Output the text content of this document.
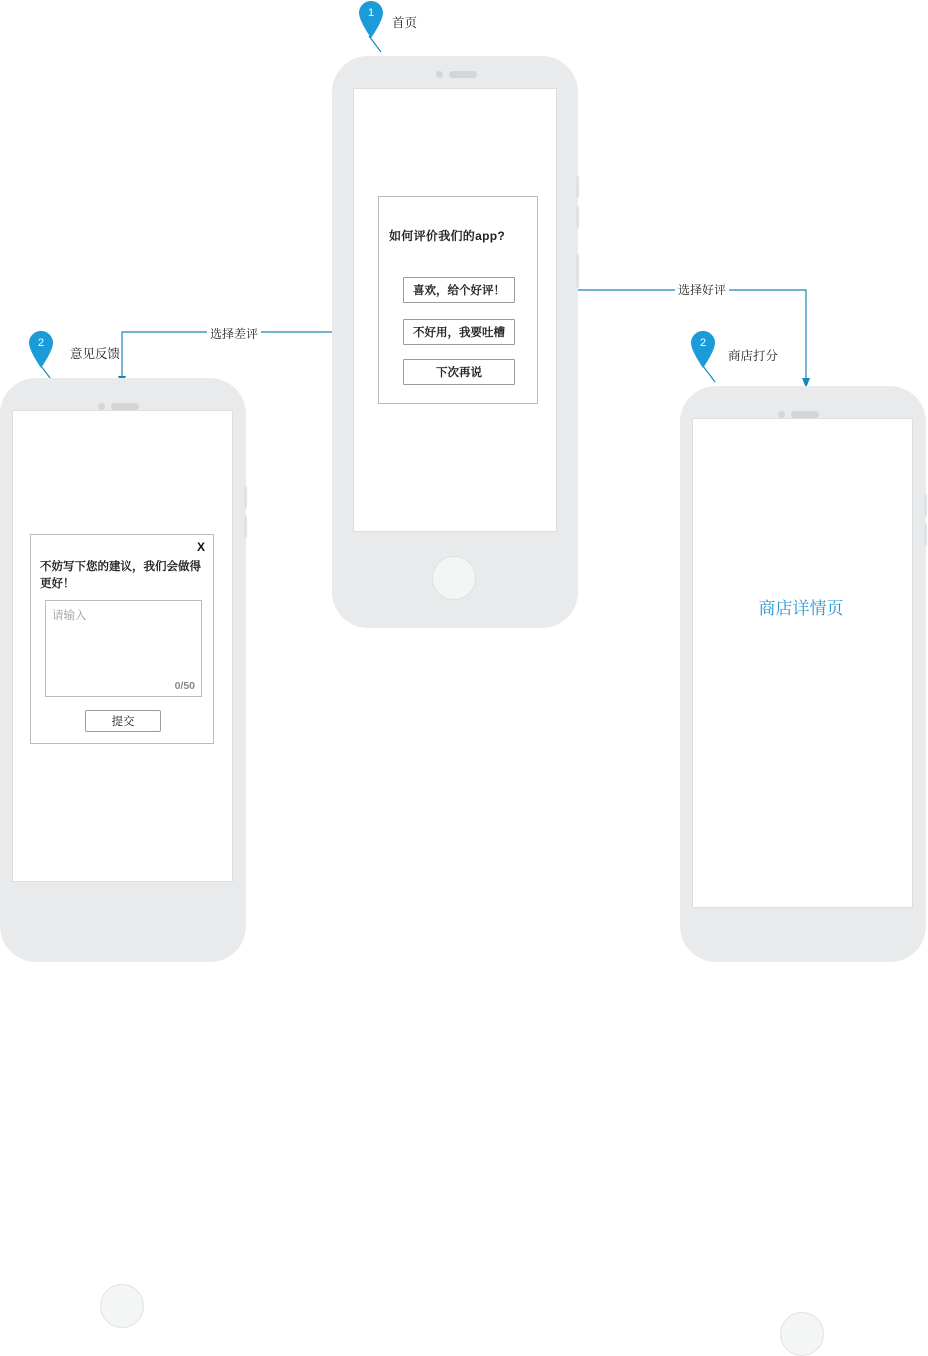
如何评价我们的app?
喜欢，给个好评！
不好用，我要吐槽
下次再说
X
不妨写下您的建议，我们会做得更好！
请输入
0/50
提交
商店详情页
1
首页
2
意见反馈
2
商店打分
选择差评
选择好评
